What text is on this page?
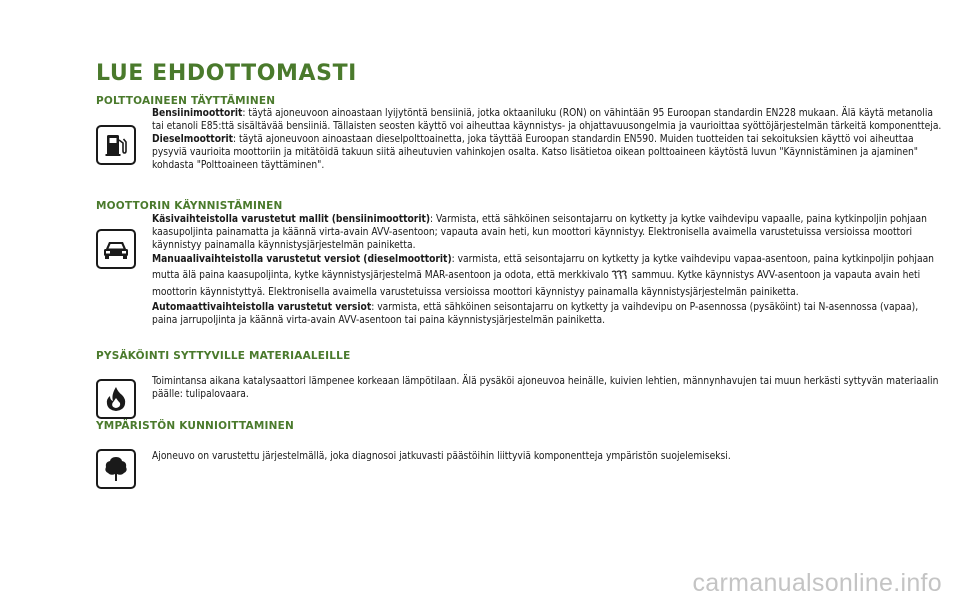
LUE EHDOTTOMASTI
POLTTOAINEEN TÄYTTÄMINEN

Bensiinimoottorit: täytä ajoneuvoon ainoastaan lyijytöntä bensiiniä, jotka oktaaniluku (RON) on vähintään 95 Euroopan standardin EN228 mukaan. Älä käytä metanolia tai etanoli E85:ttä sisältävää bensiiniä. Tällaisten seosten käyttö voi aiheuttaa käynnistys- ja ohjattavuusongelmia ja vaurioittaa syöttöjärjestelmän tärkeitä komponentteja.

Dieselmoottorit: täytä ajoneuvoon ainoastaan dieselpolttoainetta, joka täyttää Euroopan standardin EN590. Muiden tuotteiden tai sekoituksien käyttö voi aiheuttaa pysyviä vaurioita moottoriin ja mitätöidä takuun siitä aiheutuvien vahinkojen osalta. Katso lisätietoa oikean polttoaineen käytöstä luvun "Käynnistäminen ja ajaminen" kohdasta "Polttoaineen täyttäminen".

MOOTTORIN KÄYNNISTÄMINEN

Käsivaihteistolla varustetut mallit (bensiinimoottorit): Varmista, että sähköinen seisontajarru on kytketty ja kytke vaihdevipu vapaalle, paina kytkinpoljin pohjaan kaasupoljinta painamatta ja käännä virta-avain AVV-asentoon; vapauta avain heti, kun moottori käynnistyy. Elektronisella avaimella varustetuissa versioissa moottori käynnistyy painamalla käynnistysjärjestelmän painiketta.

Manuaalivaihteistolla varustetut versiot (dieselmoottorit): varmista, että seisontajarru on kytketty ja kytke vaihdevipu vapaa-asentoon, paina kytkinpoljin pohjaan mutta älä paina kaasupoljinta, kytke käynnistysjärjestelmä MAR-asentoon ja odota, että merkkivalo sammuu. Kytke käynnistys AVV-asentoon ja vapauta avain heti moottorin käynnistyttyä. Elektronisella avaimella varustetuissa versioissa moottori käynnistyy painamalla käynnistysjärjestelmän painiketta.

Automaattivaihteistolla varustetut versiot: varmista, että sähköinen seisontajarru on kytketty ja vaihdevipu on P-asennossa (pysäköint) tai N-asennossa (vapaa), paina jarrupoljinta ja käännä virta-avain AVV-asentoon tai paina käynnistysjärjestelmän painiketta.

PYSÄKÖINTI SYTTYVILLE MATERIAALEILLE

Toimintansa aikana katalysaattori lämpenee korkeaan lämpötilaan. Älä pysäköi ajoneuvoa heinälle, kuivien lehtien, männynhavujen tai muun herkästi syttyvän materiaalin päälle: tulipalovaara.

YMPÄRISTÖN KUNNIOITTAMINEN

Ajoneuvo on varustettu järjestelmällä, joka diagnosoi jatkuvasti päästöihin liittyviä komponentteja ympäristön suojelemiseksi.

carmanualsonline.info
